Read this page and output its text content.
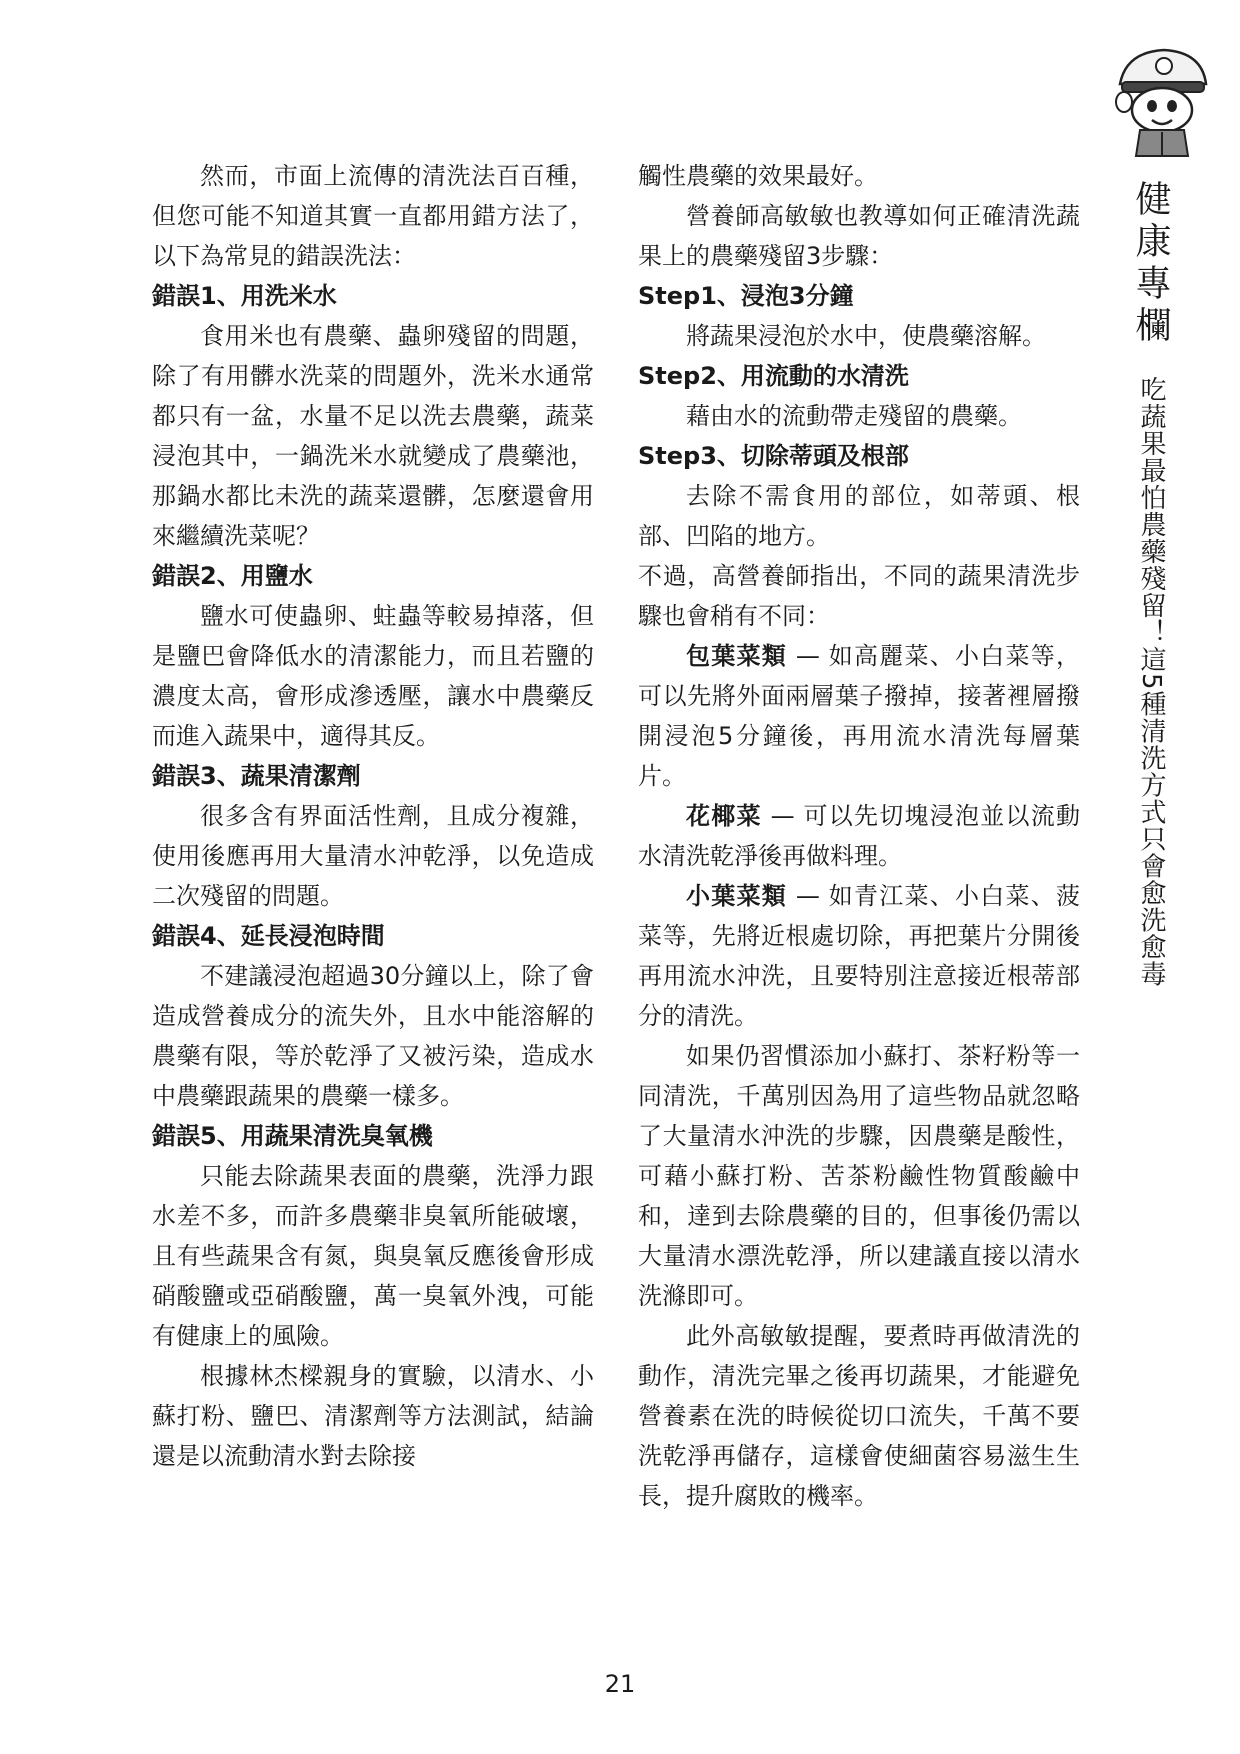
健康專欄
吃蔬果最怕農藥殘留！這5種清洗方式只會愈洗愈毒

然而，市面上流傳的清洗法百百種，但您可能不知道其實一直都用錯方法了，以下為常見的錯誤洗法：

錯誤1、用洗米水

食用米也有農藥、蟲卵殘留的問題，除了有用髒水洗菜的問題外，洗米水通常都只有一盆，水量不足以洗去農藥，蔬菜浸泡其中，一鍋洗米水就變成了農藥池，那鍋水都比未洗的蔬菜還髒，怎麼還會用來繼續洗菜呢？

錯誤2、用鹽水

鹽水可使蟲卵、蛀蟲等較易掉落，但是鹽巴會降低水的清潔能力，而且若鹽的濃度太高，會形成滲透壓，讓水中農藥反而進入蔬果中，適得其反。

錯誤3、蔬果清潔劑

很多含有界面活性劑，且成分複雜，使用後應再用大量清水沖乾淨，以免造成二次殘留的問題。

錯誤4、延長浸泡時間

不建議浸泡超過30分鐘以上，除了會造成營養成分的流失外，且水中能溶解的農藥有限，等於乾淨了又被污染，造成水中農藥跟蔬果的農藥一樣多。

錯誤5、用蔬果清洗臭氧機

只能去除蔬果表面的農藥，洗淨力跟水差不多，而許多農藥非臭氧所能破壞，且有些蔬果含有氮，與臭氧反應後會形成硝酸鹽或亞硝酸鹽，萬一臭氧外洩，可能有健康上的風險。

根據林杰樑親身的實驗，以清水、小蘇打粉、鹽巴、清潔劑等方法測試，結論還是以流動清水對去除接

觸性農藥的效果最好。

營養師高敏敏也教導如何正確清洗蔬果上的農藥殘留3步驟：

Step1、浸泡3分鐘

將蔬果浸泡於水中，使農藥溶解。

Step2、用流動的水清洗

藉由水的流動帶走殘留的農藥。

Step3、切除蒂頭及根部

去除不需食用的部位，如蒂頭、根部、凹陷的地方。

不過，高營養師指出，不同的蔬果清洗步驟也會稍有不同：

包葉菜類 — 如高麗菜、小白菜等，可以先將外面兩層葉子撥掉，接著裡層撥開浸泡5分鐘後，再用流水清洗每層葉片。

花椰菜 — 可以先切塊浸泡並以流動水清洗乾淨後再做料理。

小葉菜類 — 如青江菜、小白菜、菠菜等，先將近根處切除，再把葉片分開後再用流水沖洗，且要特別注意接近根蒂部分的清洗。

如果仍習慣添加小蘇打、茶籽粉等一同清洗，千萬別因為用了這些物品就忽略了大量清水沖洗的步驟，因農藥是酸性，可藉小蘇打粉、苦茶粉鹼性物質酸鹼中和，達到去除農藥的目的，但事後仍需以大量清水漂洗乾淨，所以建議直接以清水洗滌即可。

此外高敏敏提醒，要煮時再做清洗的動作，清洗完畢之後再切蔬果，才能避免營養素在洗的時候從切口流失，千萬不要洗乾淨再儲存，這樣會使細菌容易滋生生長，提升腐敗的機率。

21
